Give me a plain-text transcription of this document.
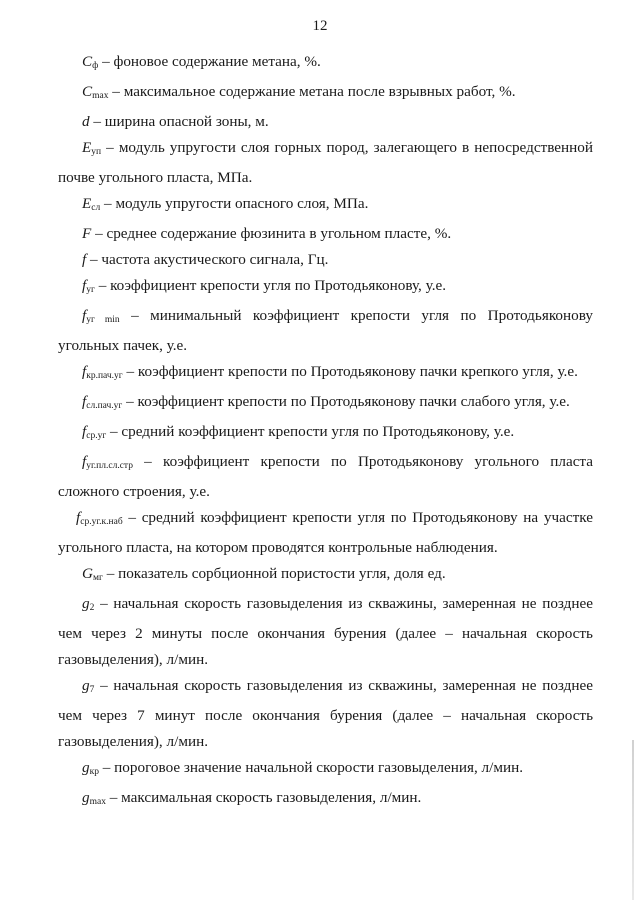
12

$C_ф$ – фоновое содержание метана, %.

$C_{max}$ – максимальное содержание метана после взрывных работ, %.

d – ширина опасной зоны, м.

$E_{уп}$ – модуль упругости слоя горных пород, залегающего в непосредственной почве угольного пласта, МПа.

$E_{сл}$ – модуль упругости опасного слоя, МПа.

F – среднее содержание фюзинита в угольном пласте, %.

f – частота акустического сигнала, Гц.

$f_{уг}$ – коэффициент крепости угля по Протодьяконову, у.е.

$f_{уг min}$ – минимальный коэффициент крепости угля по Протодьяконову угольных пачек, у.е.

$f_{кр.пач.уг}$ – коэффициент крепости по Протодьяконову пачки крепкого угля, у.е.

$f_{сл.пач.уг}$ – коэффициент крепости по Протодьяконову пачки слабого угля, у.е.

$f_{ср.уг}$ – средний коэффициент крепости угля по Протодьяконову, у.е.

$f_{уг.пл.сл.стр}$ – коэффициент крепости по Протодьяконову угольного пласта сложного строения, у.е.

$f_{ср.уг.к.наб}$ – средний коэффициент крепости угля по Протодьяконову на участке угольного пласта, на котором проводятся контрольные наблюдения.

$G_{мг}$ – показатель сорбционной пористости угля, доля ед.

$g_2$ – начальная скорость газовыделения из скважины, замеренная не позднее чем через 2 минуты после окончания бурения (далее – начальная скорость газовыделения), л/мин.

$g_7$ – начальная скорость газовыделения из скважины, замеренная не позднее чем через 7 минут после окончания бурения (далее – начальная скорость газовыделения), л/мин.

$g_{кр}$ – пороговое значение начальной скорости газовыделения, л/мин.

$g_{max}$ – максимальная скорость газовыделения, л/мин.
